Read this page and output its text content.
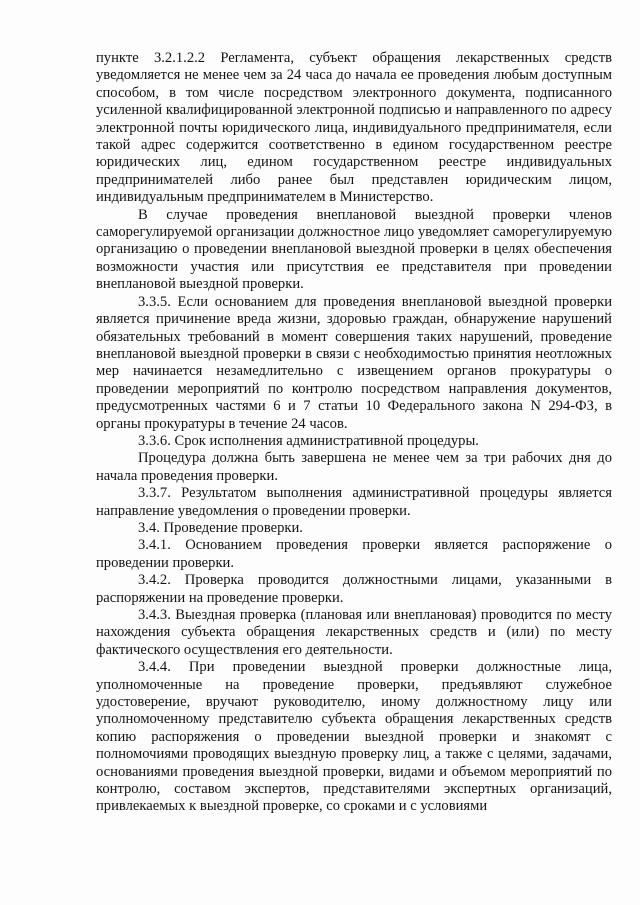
пункте 3.2.1.2.2 Регламента, субъект обращения лекарственных средств уведомляется не менее чем за 24 часа до начала ее проведения любым доступным способом, в том числе посредством электронного документа, подписанного усиленной квалифицированной электронной подписью и направленного по адресу электронной почты юридического лица, индивидуального предпринимателя, если такой адрес содержится соответственно в едином государственном реестре юридических лиц, едином государственном реестре индивидуальных предпринимателей либо ранее был представлен юридическим лицом, индивидуальным предпринимателем в Министерство.

В случае проведения внеплановой выездной проверки членов саморегулируемой организации должностное лицо уведомляет саморегулируемую организацию о проведении внеплановой выездной проверки в целях обеспечения возможности участия или присутствия ее представителя при проведении внеплановой выездной проверки.

3.3.5. Если основанием для проведения внеплановой выездной проверки является причинение вреда жизни, здоровью граждан, обнаружение нарушений обязательных требований в момент совершения таких нарушений, проведение внеплановой выездной проверки в связи с необходимостью принятия неотложных мер начинается незамедлительно с извещением органов прокуратуры о проведении мероприятий по контролю посредством направления документов, предусмотренных частями 6 и 7 статьи 10 Федерального закона N 294-ФЗ, в органы прокуратуры в течение 24 часов.

3.3.6. Срок исполнения административной процедуры.

Процедура должна быть завершена не менее чем за три рабочих дня до начала проведения проверки.

3.3.7. Результатом выполнения административной процедуры является направление уведомления о проведении проверки.

3.4. Проведение проверки.

3.4.1. Основанием проведения проверки является распоряжение о проведении проверки.

3.4.2. Проверка проводится должностными лицами, указанными в распоряжении на проведение проверки.

3.4.3. Выездная проверка (плановая или внеплановая) проводится по месту нахождения субъекта обращения лекарственных средств и (или) по месту фактического осуществления его деятельности.

3.4.4. При проведении выездной проверки должностные лица, уполномоченные на проведение проверки, предъявляют служебное удостоверение, вручают руководителю, иному должностному лицу или уполномоченному представителю субъекта обращения лекарственных средств копию распоряжения о проведении выездной проверки и знакомят с полномочиями проводящих выездную проверку лиц, а также с целями, задачами, основаниями проведения выездной проверки, видами и объемом мероприятий по контролю, составом экспертов, представителями экспертных организаций, привлекаемых к выездной проверке, со сроками и с условиями
